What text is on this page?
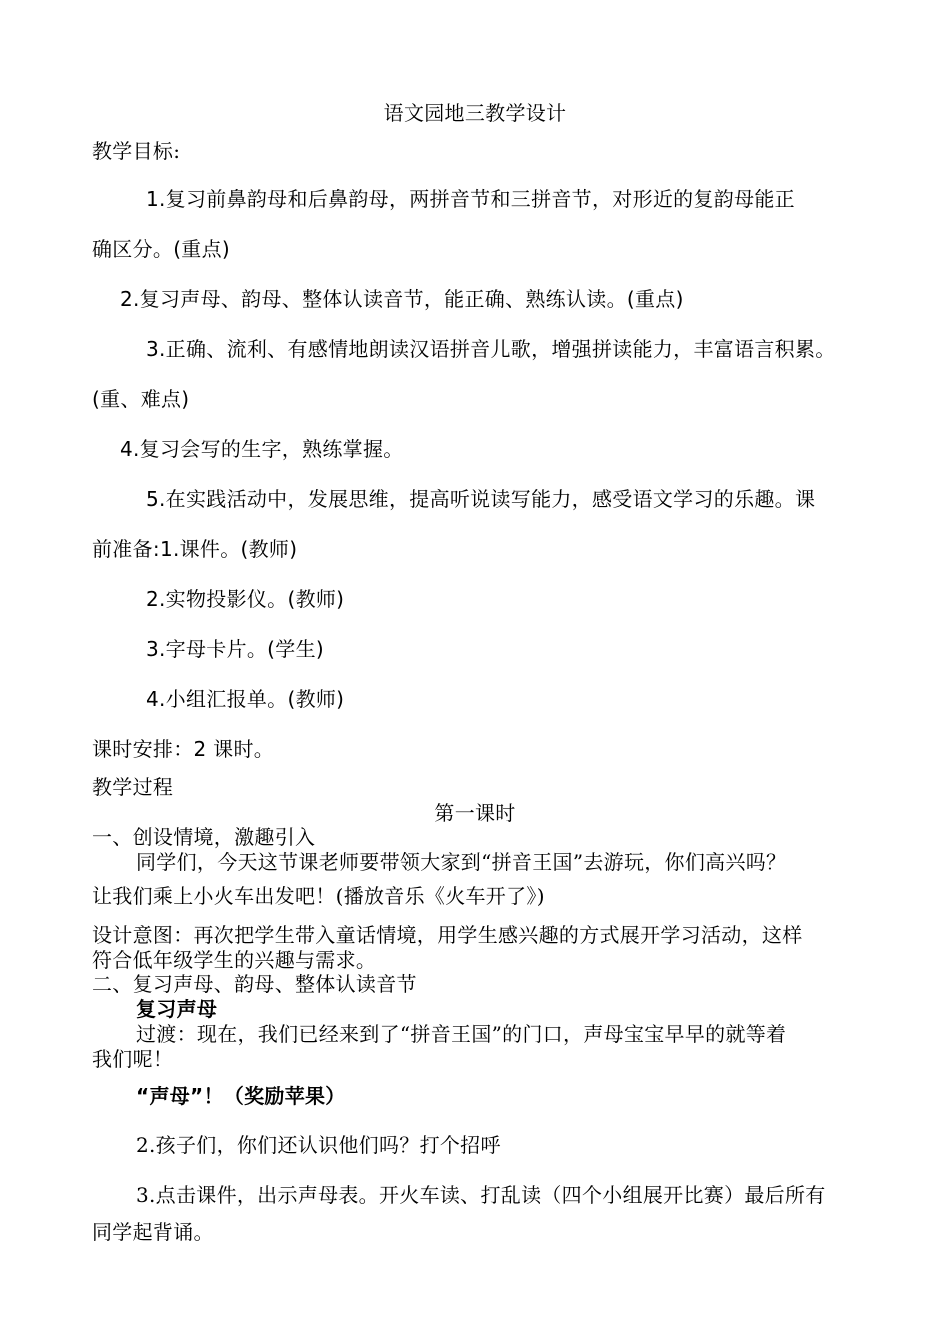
语文园地三教学设计
教学目标:
1.复习前鼻韵母和后鼻韵母，两拼音节和三拼音节，对形近的复韵母能正
确区分。(重点)
2.复习声母、韵母、整体认读音节，能正确、熟练认读。(重点)
3.正确、流利、有感情地朗读汉语拼音儿歌，增强拼读能力，丰富语言积累。
(重、难点)
4.复习会写的生字，熟练掌握。
5.在实践活动中，发展思维，提高听说读写能力，感受语文学习的乐趣。课
前准备:1.课件。(教师)
2.实物投影仪。(教师)
3.字母卡片。(学生)
4.小组汇报单。(教师)
课时安排：2 课时。
教学过程
第一课时
一、创设情境，激趣引入
同学们，今天这节课老师要带领大家到“拼音王国”去游玩，你们高兴吗？
让我们乘上小火车出发吧！(播放音乐《火车开了》)
设计意图：再次把学生带入童话情境，用学生感兴趣的方式展开学习活动，这样
符合低年级学生的兴趣与需求。
二、复习声母、韵母、整体认读音节
复习声母
过渡：现在，我们已经来到了“拼音王国”的门口，声母宝宝早早的就等着
我们呢！
“声母”！（奖励苹果）
2.孩子们，你们还认识他们吗？打个招呼
3.点击课件，出示声母表。开火车读、打乱读（四个小组展开比赛）最后所有
同学起背诵。
